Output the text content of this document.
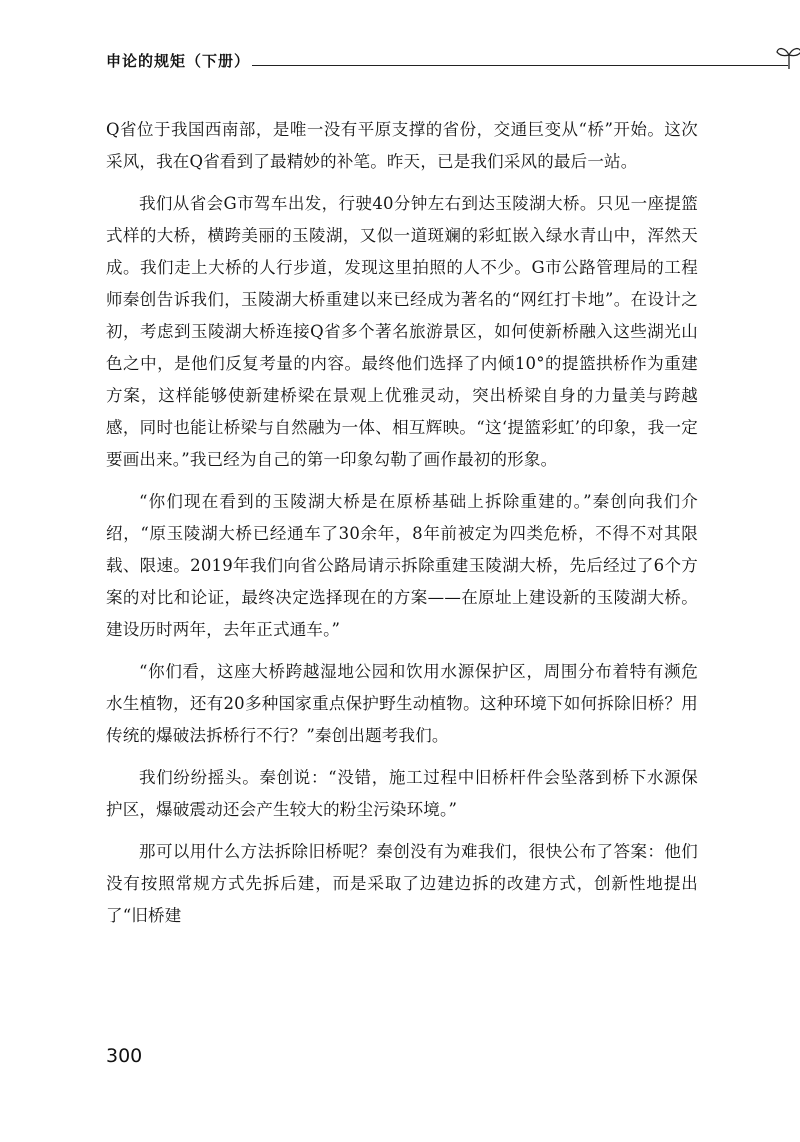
申论的规矩（下册）

Q省位于我国西南部，是唯一没有平原支撑的省份，交通巨变从“桥”开始。这次采风，我在Q省看到了最精妙的补笔。昨天，已是我们采风的最后一站。

我们从省会G市驾车出发，行驶40分钟左右到达玉陵湖大桥。只见一座提篮式样的大桥，横跨美丽的玉陵湖，又似一道斑斓的彩虹嵌入绿水青山中，浑然天成。我们走上大桥的人行步道，发现这里拍照的人不少。G市公路管理局的工程师秦创告诉我们，玉陵湖大桥重建以来已经成为著名的“网红打卡地”。在设计之初，考虑到玉陵湖大桥连接Q省多个著名旅游景区，如何使新桥融入这些湖光山色之中，是他们反复考量的内容。最终他们选择了内倾10°的提篮拱桥作为重建方案，这样能够使新建桥梁在景观上优雅灵动，突出桥梁自身的力量美与跨越感，同时也能让桥梁与自然融为一体、相互辉映。“这‘提篮彩虹’的印象，我一定要画出来。”我已经为自己的第一印象勾勒了画作最初的形象。

“你们现在看到的玉陵湖大桥是在原桥基础上拆除重建的。”秦创向我们介绍，“原玉陵湖大桥已经通车了30余年，8年前被定为四类危桥，不得不对其限载、限速。2019年我们向省公路局请示拆除重建玉陵湖大桥，先后经过了6个方案的对比和论证，最终决定选择现在的方案——在原址上建设新的玉陵湖大桥。建设历时两年，去年正式通车。”

“你们看，这座大桥跨越湿地公园和饮用水源保护区，周围分布着特有濒危水生植物，还有20多种国家重点保护野生动植物。这种环境下如何拆除旧桥？用传统的爆破法拆桥行不行？”秦创出题考我们。

我们纷纷摇头。秦创说：“没错，施工过程中旧桥杆件会坠落到桥下水源保护区，爆破震动还会产生较大的粉尘污染环境。”

那可以用什么方法拆除旧桥呢？秦创没有为难我们，很快公布了答案：他们没有按照常规方式先拆后建，而是采取了边建边拆的改建方式，创新性地提出了“旧桥建

300
